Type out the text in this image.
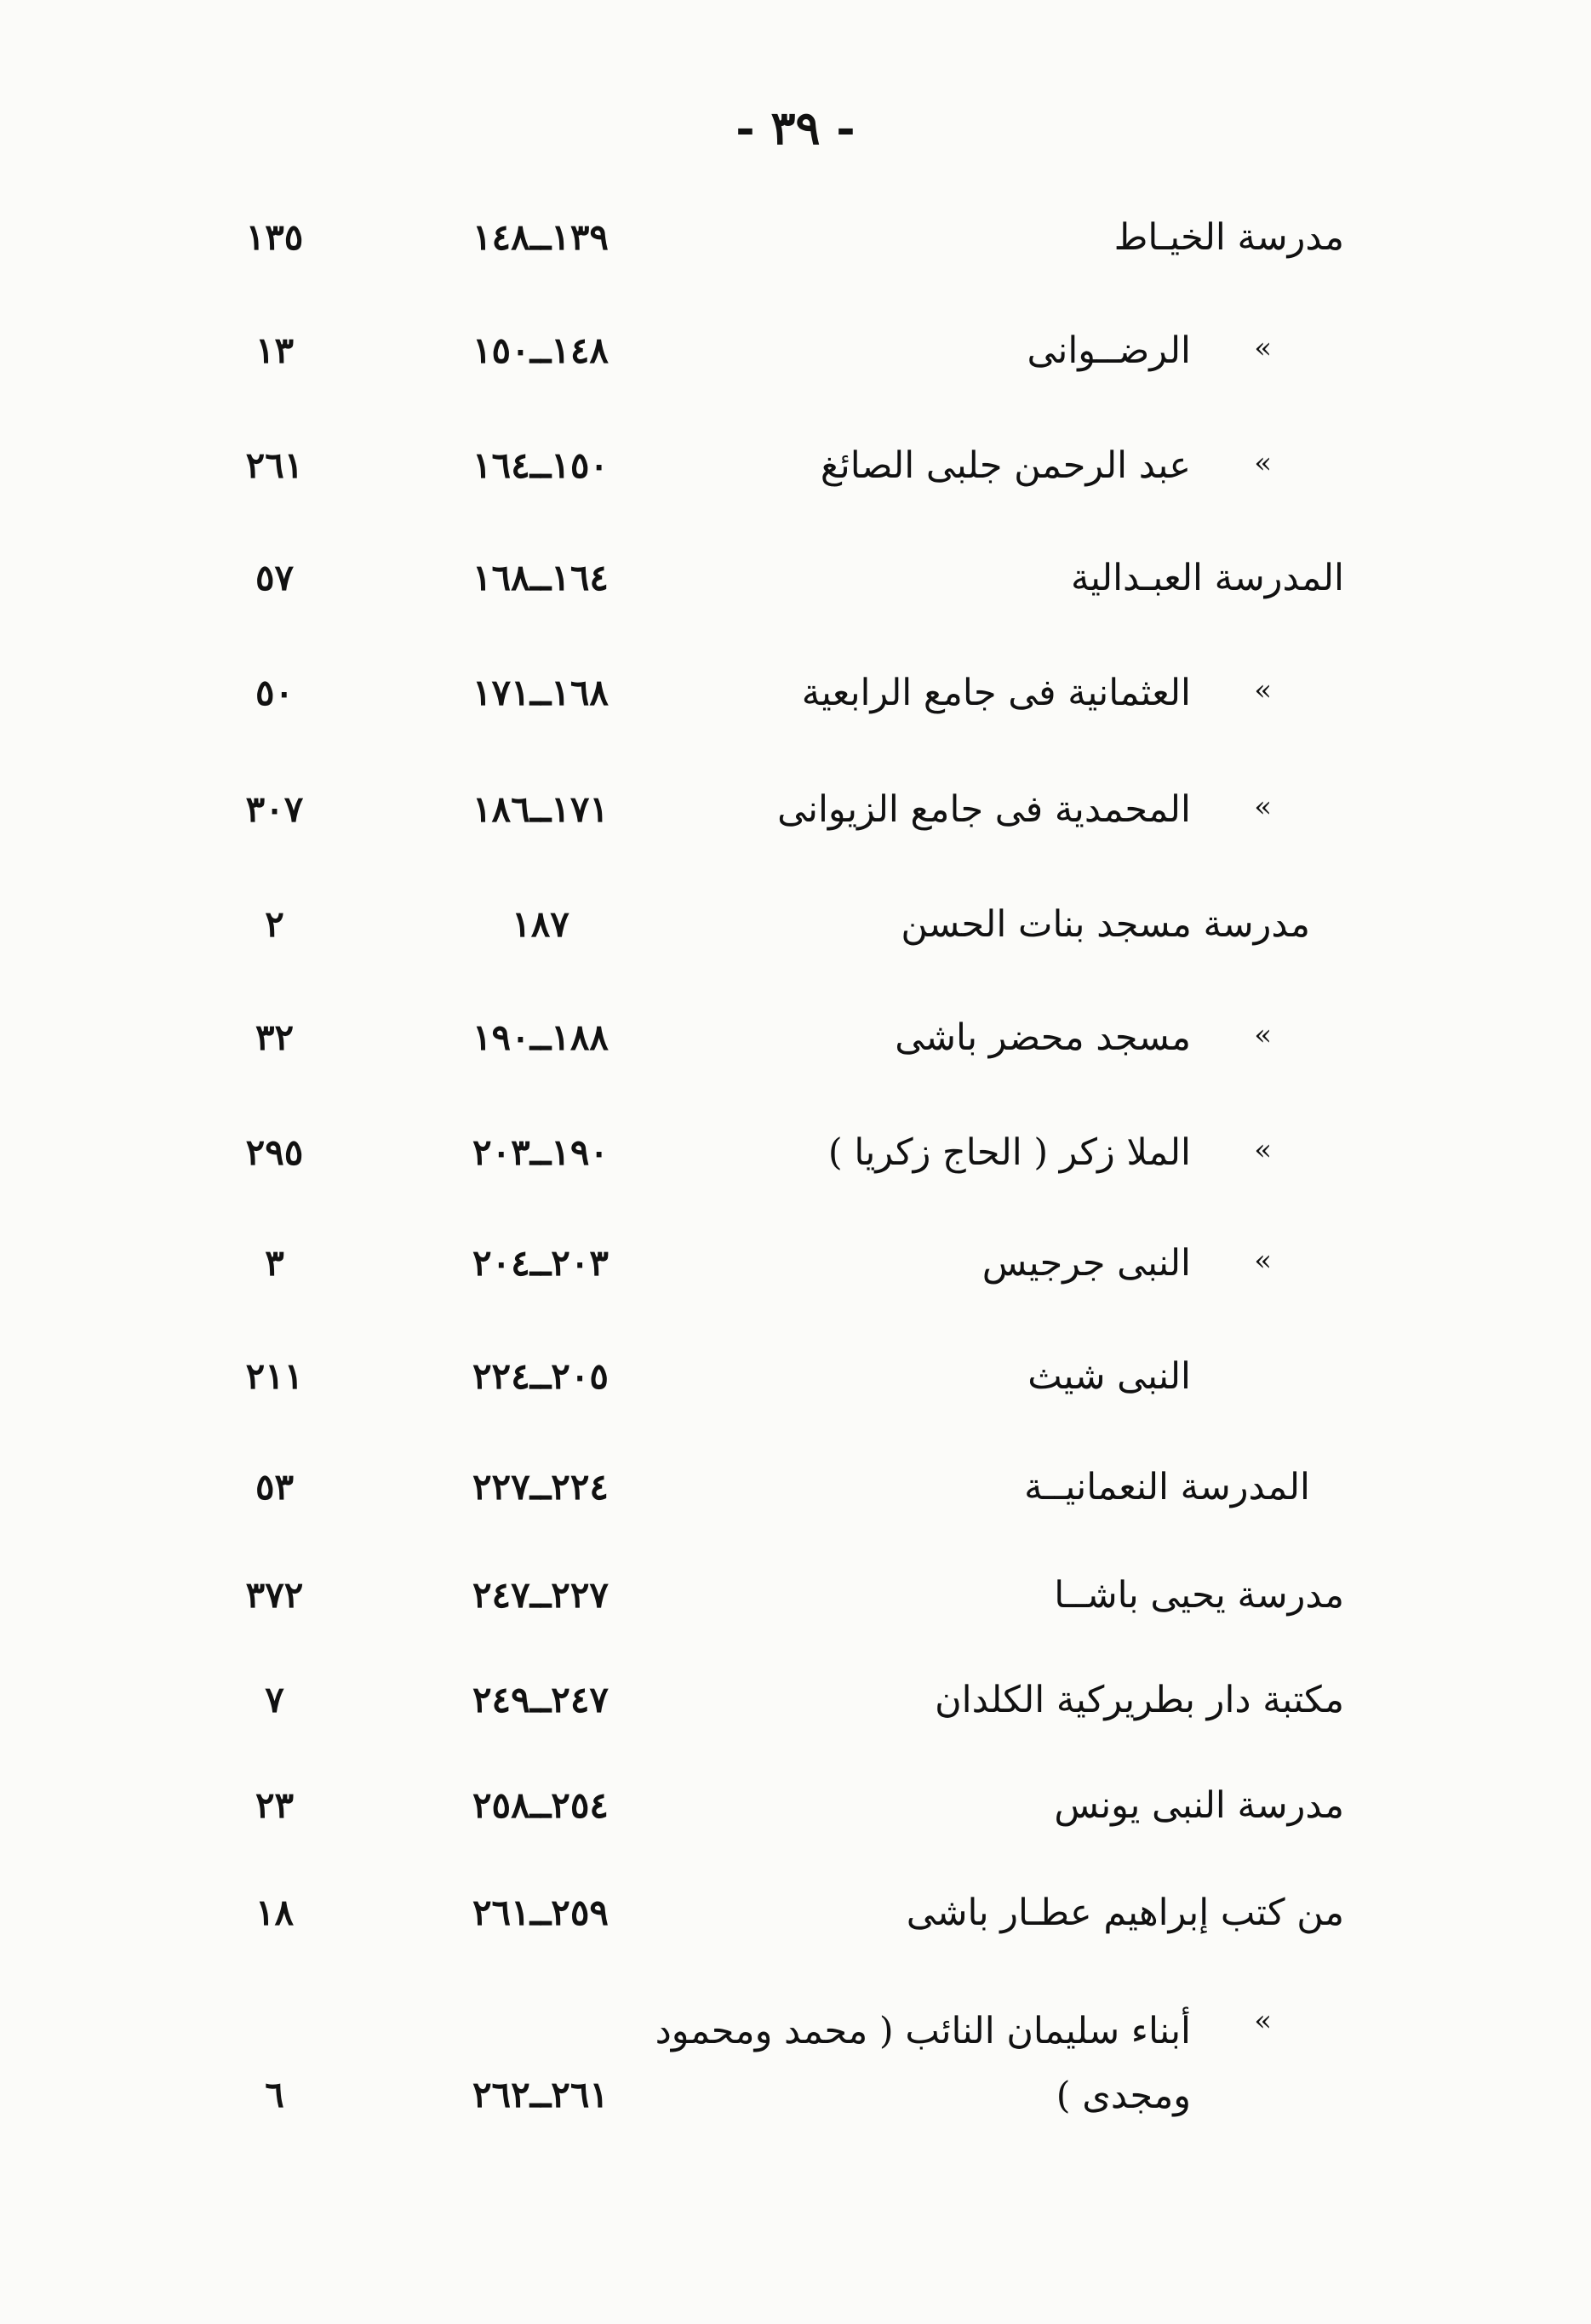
- ٣٩ -
مدرسة الخيـاط
١٣٩ــ١٤٨
١٣٥
»
الرضــوانى
١٤٨ــ١٥٠
١٣
»
عبد الرحمن جلبى الصائغ
١٥٠ــ١٦٤
٢٦١
المدرسة العبـدالية
١٦٤ــ١٦٨
٥٧
»
العثمانية فى جامع الرابعية
١٦٨ــ١٧١
٥٠
»
المحمدية فى جامع الزيوانى
١٧١ــ١٨٦
٣٠٧
مدرسة مسجد بنات الحسن
١٨٧
٢
»
مسجد محضر باشى
١٨٨ــ١٩٠
٣٢
»
الملا زكر ( الحاج زكريا )
١٩٠ــ٢٠٣
٢٩٥
»
النبى جرجيس
٢٠٣ــ٢٠٤
٣
النبى شيث
٢٠٥ــ٢٢٤
٢١١
المدرسة النعمانيــة
٢٢٤ــ٢٢٧
٥٣
مدرسة يحيى باشــا
٢٢٧ــ٢٤٧
٣٧٢
مكتبة دار بطريركية الكلدان
٢٤٧ــ٢٤٩
٧
مدرسة النبى يونس
٢٥٤ــ٢٥٨
٢٣
من كتب إبراهيم عطـار باشى
٢٥٩ــ٢٦١
١٨
»
أبناء سليمان النائب ( محمد ومحمود ومجدى )
٢٦١ــ٢٦٢
٦
